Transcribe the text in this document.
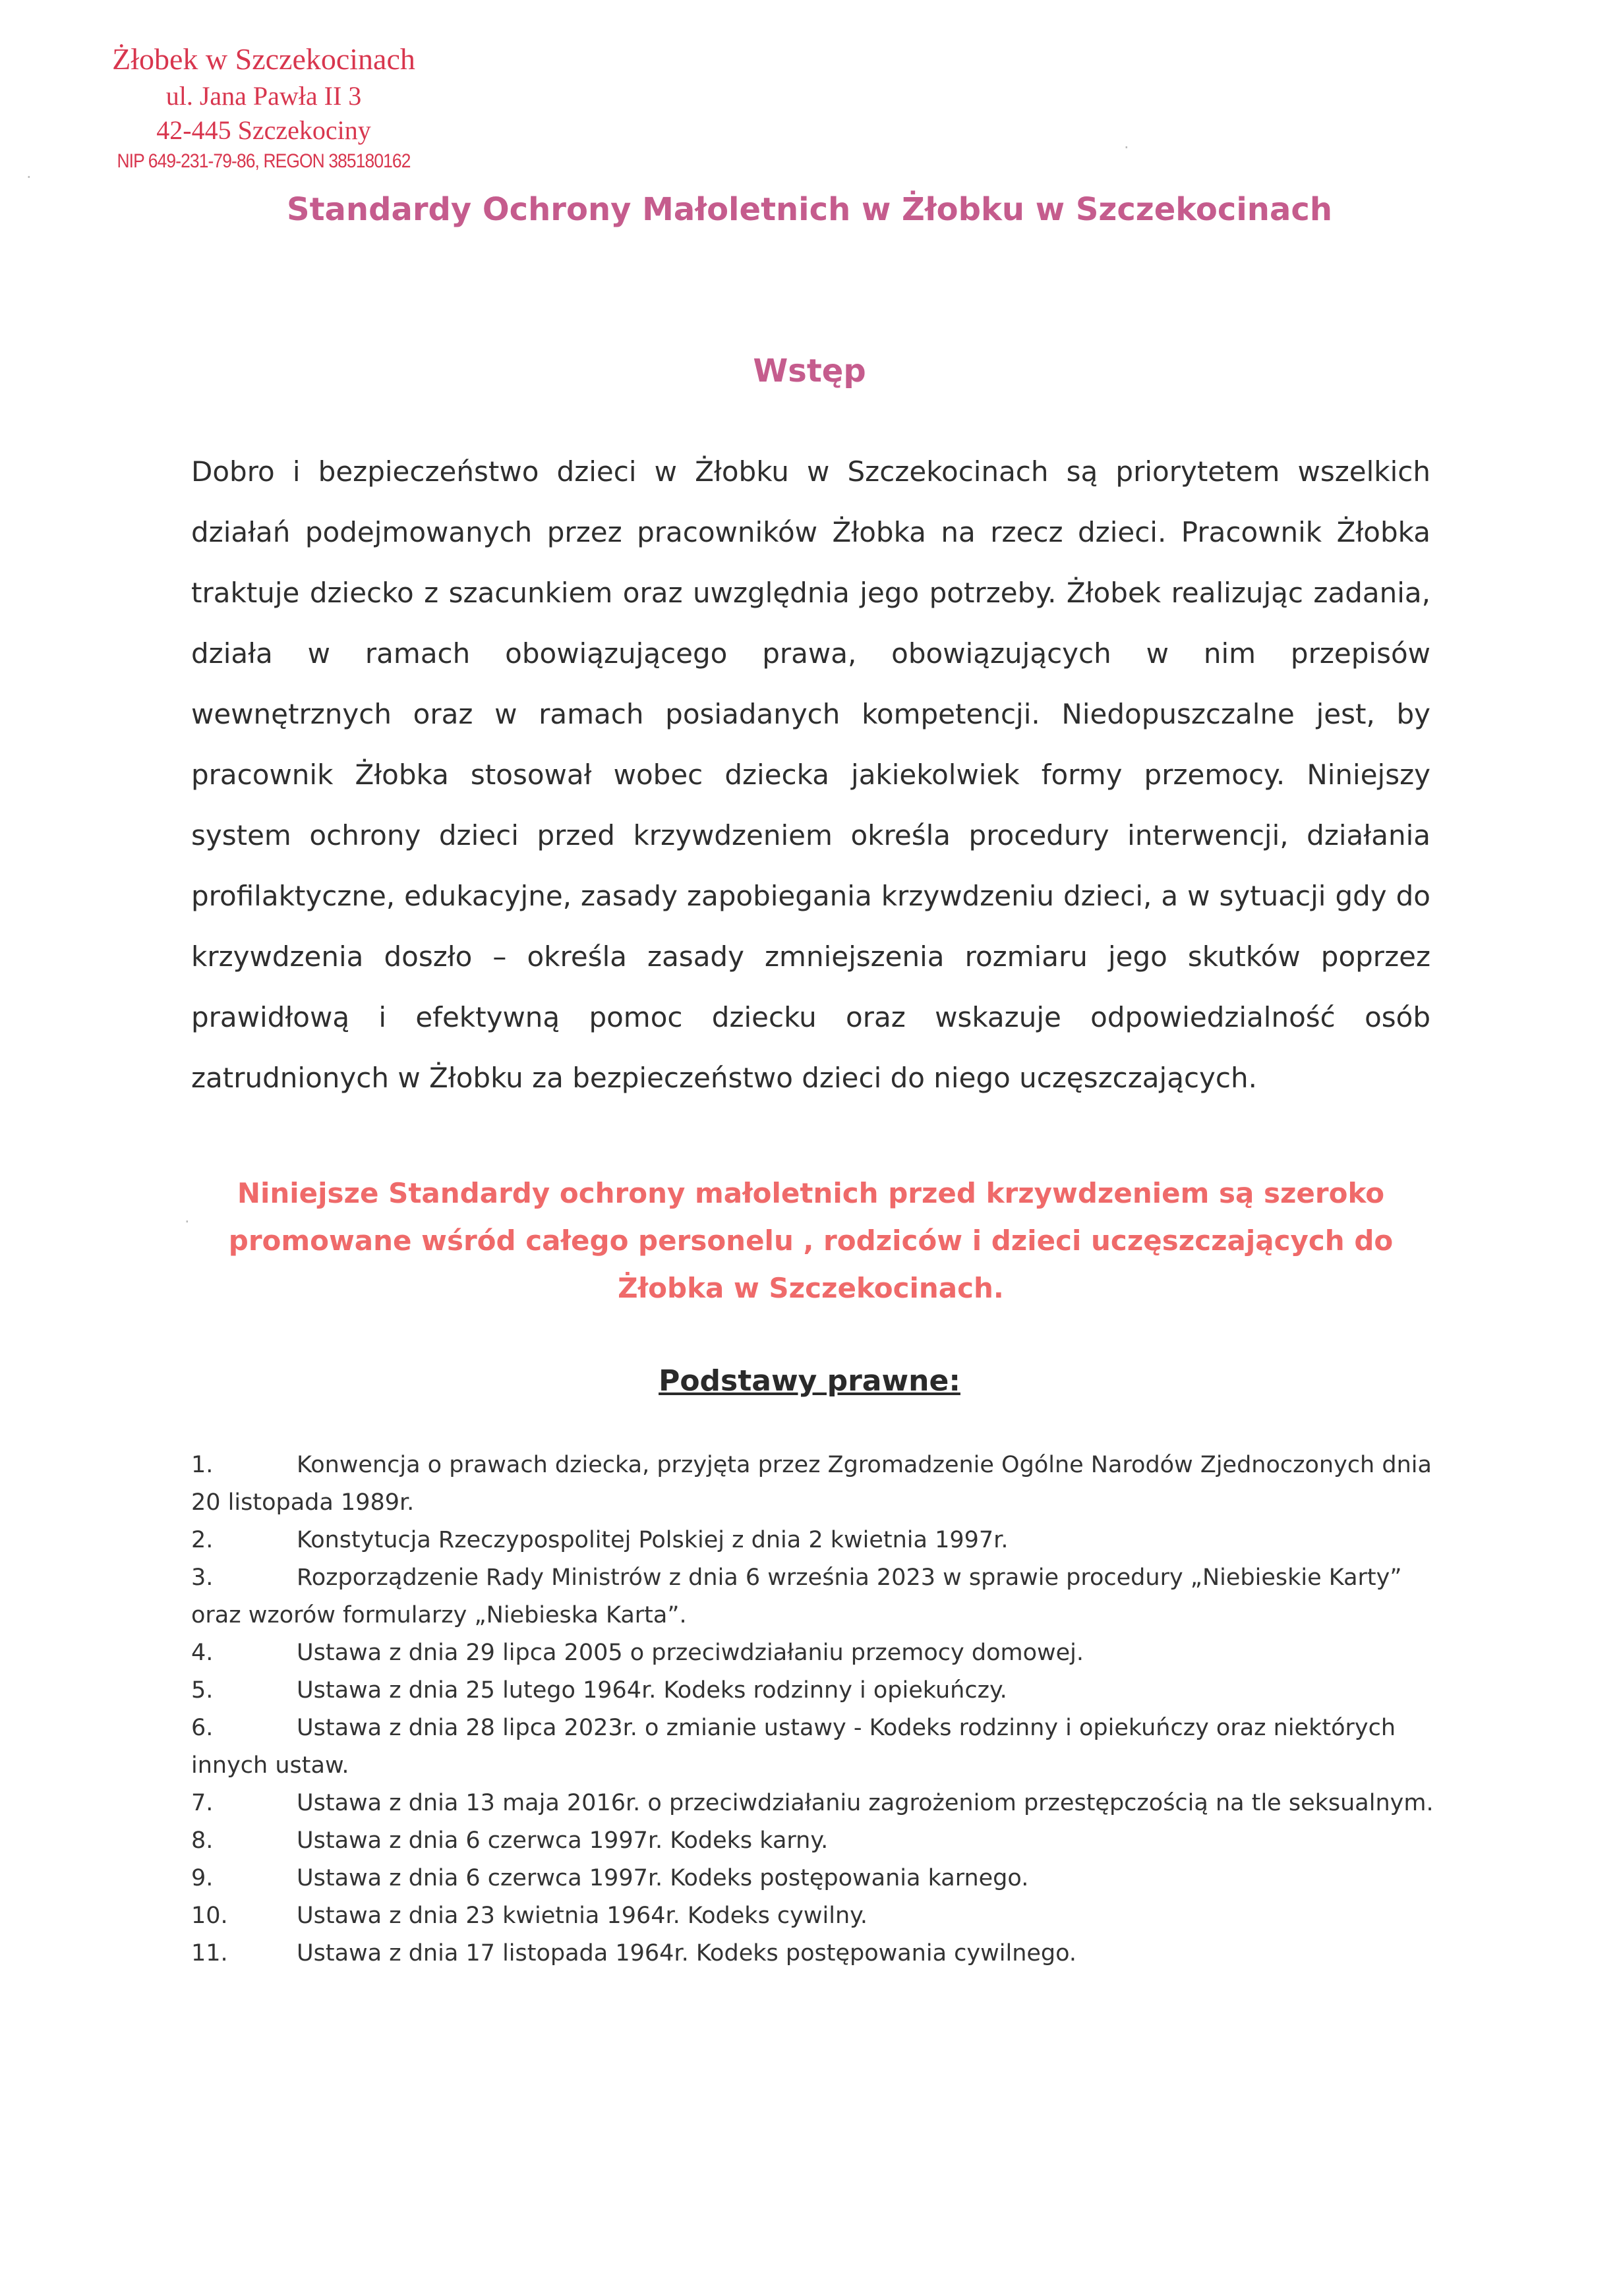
Żłobek w Szczekocinach
ul. Jana Pawła II 3
42-445 Szczekociny
NIP 649-231-79-86, REGON 385180162
·
·
·
Standardy Ochrony Małoletnich w Żłobku w Szczekocinach
Wstęp

Dobro i bezpieczeństwo dzieci w Żłobku w Szczekocinach są priorytetem wszelkich działań podejmowanych przez pracowników Żłobka na rzecz dzieci. Pracownik Żłobka traktuje dziecko z szacunkiem oraz uwzględnia jego potrzeby. Żłobek realizując zadania, działa w ramach obowiązującego prawa, obowiązujących w nim przepisów wewnętrznych oraz w ramach posiadanych kompetencji. Niedopuszczalne jest, by pracownik Żłobka stosował wobec dziecka jakiekolwiek formy przemocy. Niniejszy system ochrony dzieci przed krzywdzeniem określa procedury interwencji, działania profilaktyczne, edukacyjne, zasady zapobiegania krzywdzeniu dzieci, a w sytuacji gdy do krzywdzenia doszło – określa zasady zmniejszenia rozmiaru jego skutków poprzez prawidłową i efektywną pomoc dziecku oraz wskazuje odpowiedzialność osób zatrudnionych w Żłobku za bezpieczeństwo dzieci do niego uczęszczających.

Niniejsze Standardy ochrony małoletnich przed krzywdzeniem są szeroko promowane wśród całego personelu , rodziców i dzieci uczęszczających do Żłobka w Szczekocinach.

Podstawy prawne:
1.	Konwencja o prawach dziecka, przyjęta przez Zgromadzenie Ogólne Narodów Zjednoczonych dnia 20 listopada 1989r.
2.	Konstytucja Rzeczypospolitej Polskiej z dnia 2 kwietnia 1997r.
3.	Rozporządzenie Rady Ministrów z dnia 6 września 2023 w sprawie procedury „Niebieskie Karty” oraz wzorów formularzy „Niebieska Karta”.
4.	Ustawa z dnia 29 lipca 2005 o przeciwdziałaniu przemocy domowej.
5.	Ustawa z dnia 25 lutego 1964r. Kodeks rodzinny i opiekuńczy.
6.	Ustawa z dnia 28 lipca 2023r. o zmianie ustawy - Kodeks rodzinny i opiekuńczy oraz niektórych innych ustaw.
7.	Ustawa z dnia 13 maja 2016r. o przeciwdziałaniu zagrożeniom przestępczością na tle seksualnym.
8.	Ustawa z dnia 6 czerwca 1997r. Kodeks karny.
9.	Ustawa z dnia 6 czerwca 1997r. Kodeks postępowania karnego.
10.	Ustawa z dnia 23 kwietnia 1964r. Kodeks cywilny.
11.	Ustawa z dnia 17 listopada 1964r. Kodeks postępowania cywilnego.
